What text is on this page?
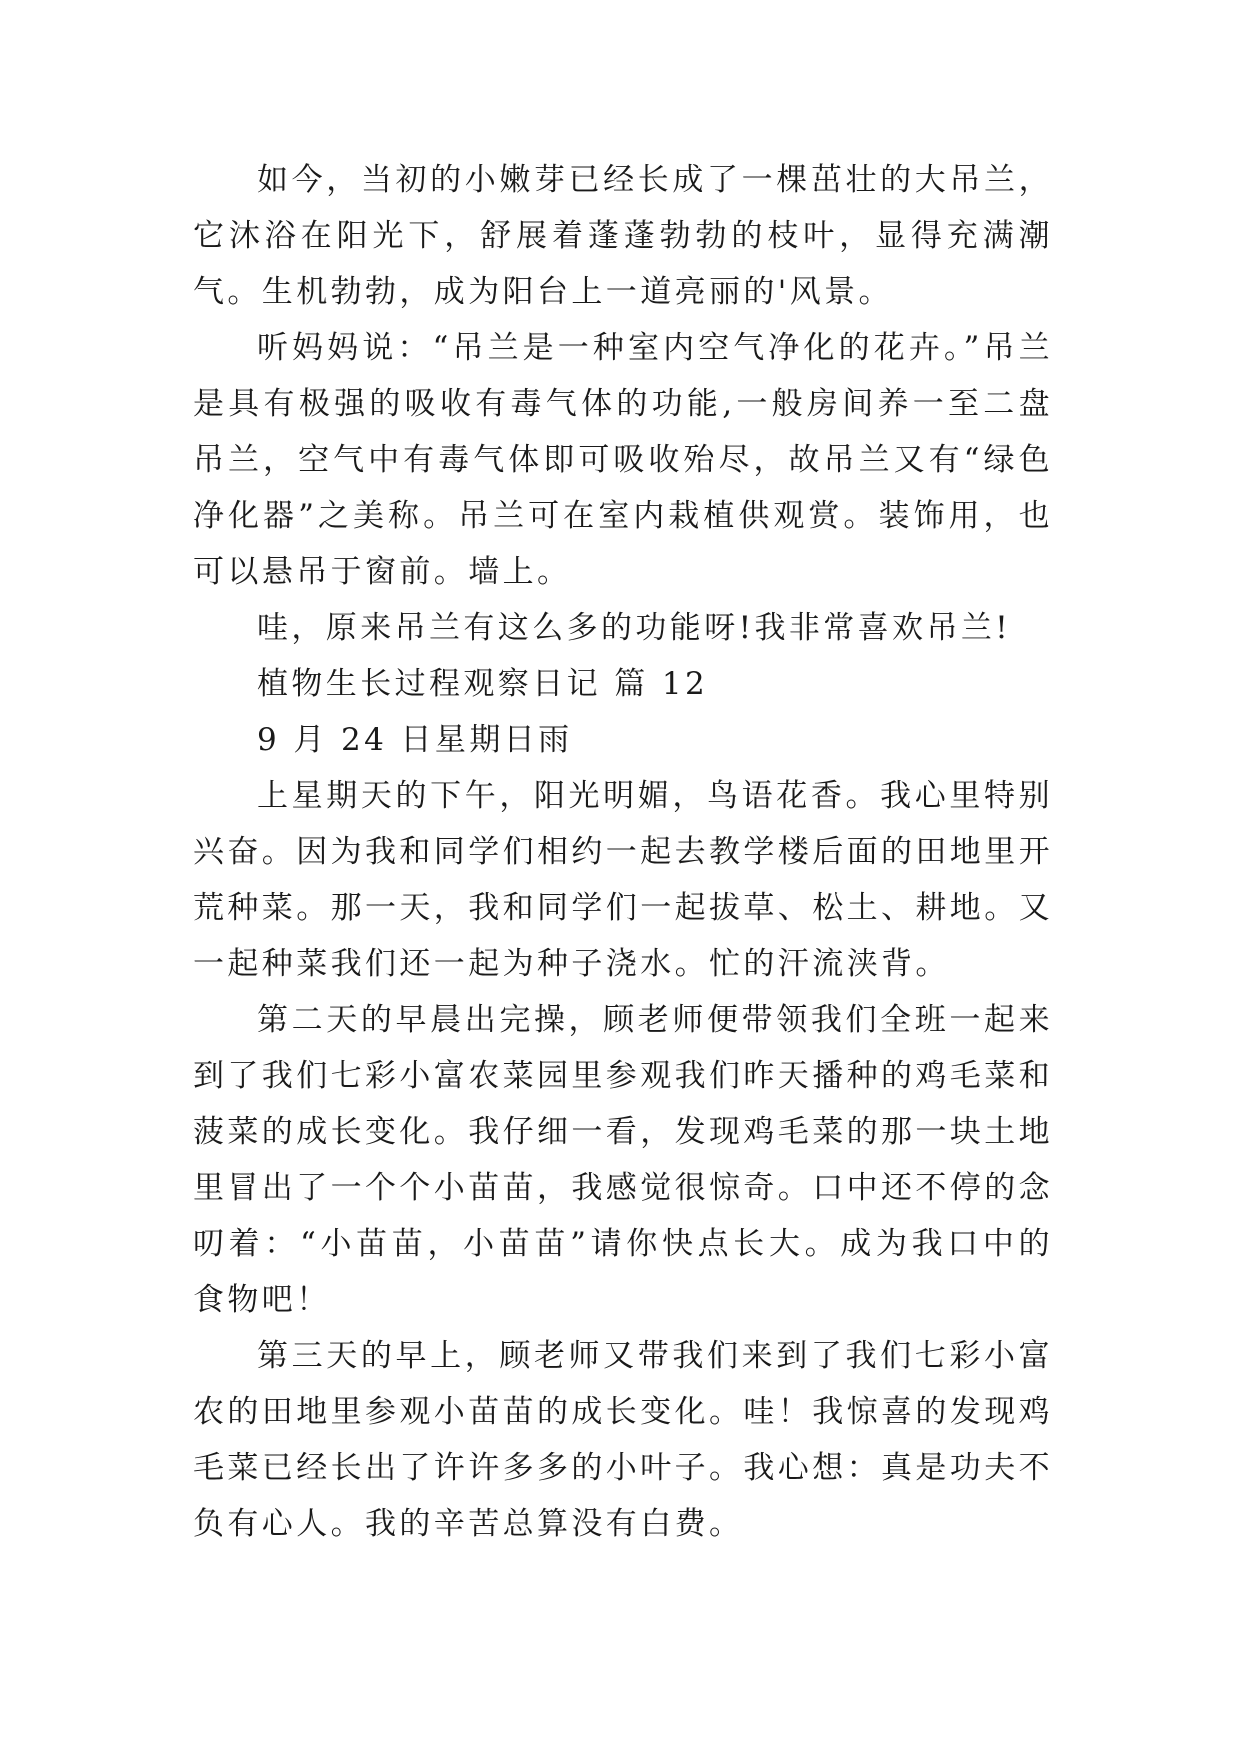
如今，当初的小嫩芽已经长成了一棵茁壮的大吊兰，它沐浴在阳光下，舒展着蓬蓬勃勃的枝叶，显得充满潮气。生机勃勃，成为阳台上一道亮丽的'风景。

听妈妈说：“吊兰是一种室内空气净化的花卉。”吊兰是具有极强的吸收有毒气体的功能,一般房间养一至二盘吊兰，空气中有毒气体即可吸收殆尽，故吊兰又有“绿色净化器”之美称。吊兰可在室内栽植供观赏。装饰用，也可以悬吊于窗前。墙上。

哇，原来吊兰有这么多的功能呀!我非常喜欢吊兰!

植物生长过程观察日记 篇 12

9 月 24 日星期日雨

上星期天的下午，阳光明媚，鸟语花香。我心里特别兴奋。因为我和同学们相约一起去教学楼后面的田地里开荒种菜。那一天，我和同学们一起拔草、松土、耕地。又一起种菜我们还一起为种子浇水。忙的汗流浃背。

第二天的早晨出完操，顾老师便带领我们全班一起来到了我们七彩小富农菜园里参观我们昨天播种的鸡毛菜和菠菜的成长变化。我仔细一看，发现鸡毛菜的那一块土地里冒出了一个个小苗苗，我感觉很惊奇。口中还不停的念叨着：“小苗苗，小苗苗”请你快点长大。成为我口中的食物吧！

第三天的早上，顾老师又带我们来到了我们七彩小富农的田地里参观小苗苗的成长变化。哇！我惊喜的发现鸡毛菜已经长出了许许多多的小叶子。我心想：真是功夫不负有心人。我的辛苦总算没有白费。
